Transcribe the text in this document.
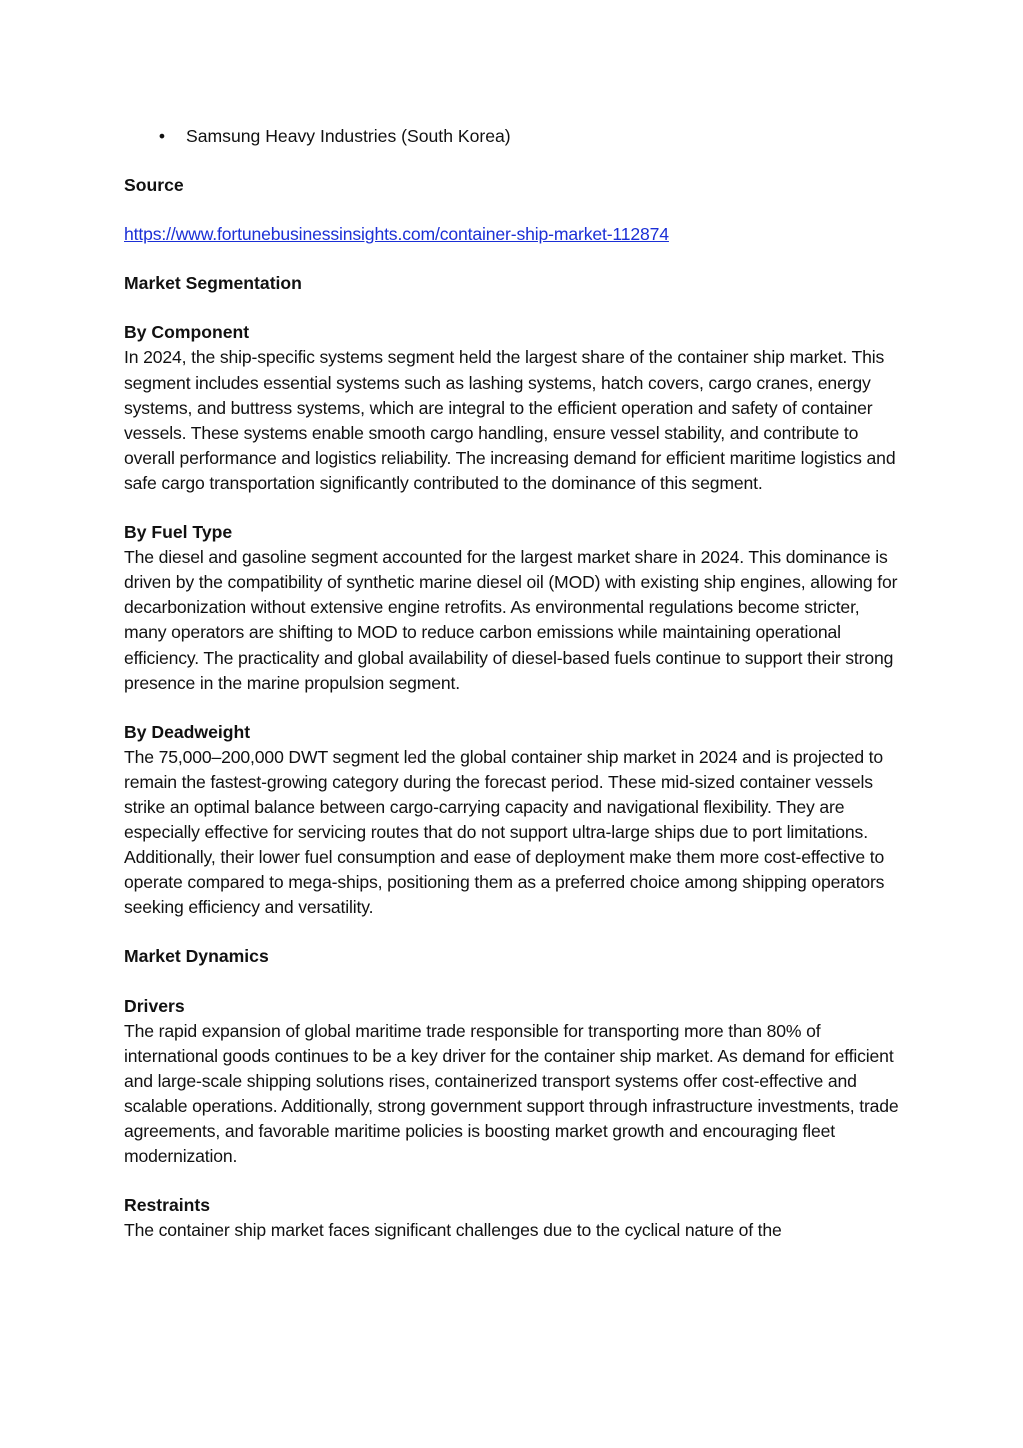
• Samsung Heavy Industries (South Korea)

Source

https://www.fortunebusinessinsights.com/container-ship-market-112874

Market Segmentation

By Component

In 2024, the ship-specific systems segment held the largest share of the container ship market. This segment includes essential systems such as lashing systems, hatch covers, cargo cranes, energy systems, and buttress systems, which are integral to the efficient operation and safety of container vessels. These systems enable smooth cargo handling, ensure vessel stability, and contribute to overall performance and logistics reliability. The increasing demand for efficient maritime logistics and safe cargo transportation significantly contributed to the dominance of this segment.

By Fuel Type

The diesel and gasoline segment accounted for the largest market share in 2024. This dominance is driven by the compatibility of synthetic marine diesel oil (MOD) with existing ship engines, allowing for decarbonization without extensive engine retrofits. As environmental regulations become stricter, many operators are shifting to MOD to reduce carbon emissions while maintaining operational efficiency. The practicality and global availability of diesel-based fuels continue to support their strong presence in the marine propulsion segment.

By Deadweight

The 75,000–200,000 DWT segment led the global container ship market in 2024 and is projected to remain the fastest-growing category during the forecast period. These mid-sized container vessels strike an optimal balance between cargo-carrying capacity and navigational flexibility. They are especially effective for servicing routes that do not support ultra-large ships due to port limitations. Additionally, their lower fuel consumption and ease of deployment make them more cost-effective to operate compared to mega-ships, positioning them as a preferred choice among shipping operators seeking efficiency and versatility.

Market Dynamics

Drivers

The rapid expansion of global maritime trade responsible for transporting more than 80% of international goods continues to be a key driver for the container ship market. As demand for efficient and large-scale shipping solutions rises, containerized transport systems offer cost-effective and scalable operations. Additionally, strong government support through infrastructure investments, trade agreements, and favorable maritime policies is boosting market growth and encouraging fleet modernization.

Restraints

The container ship market faces significant challenges due to the cyclical nature of the
